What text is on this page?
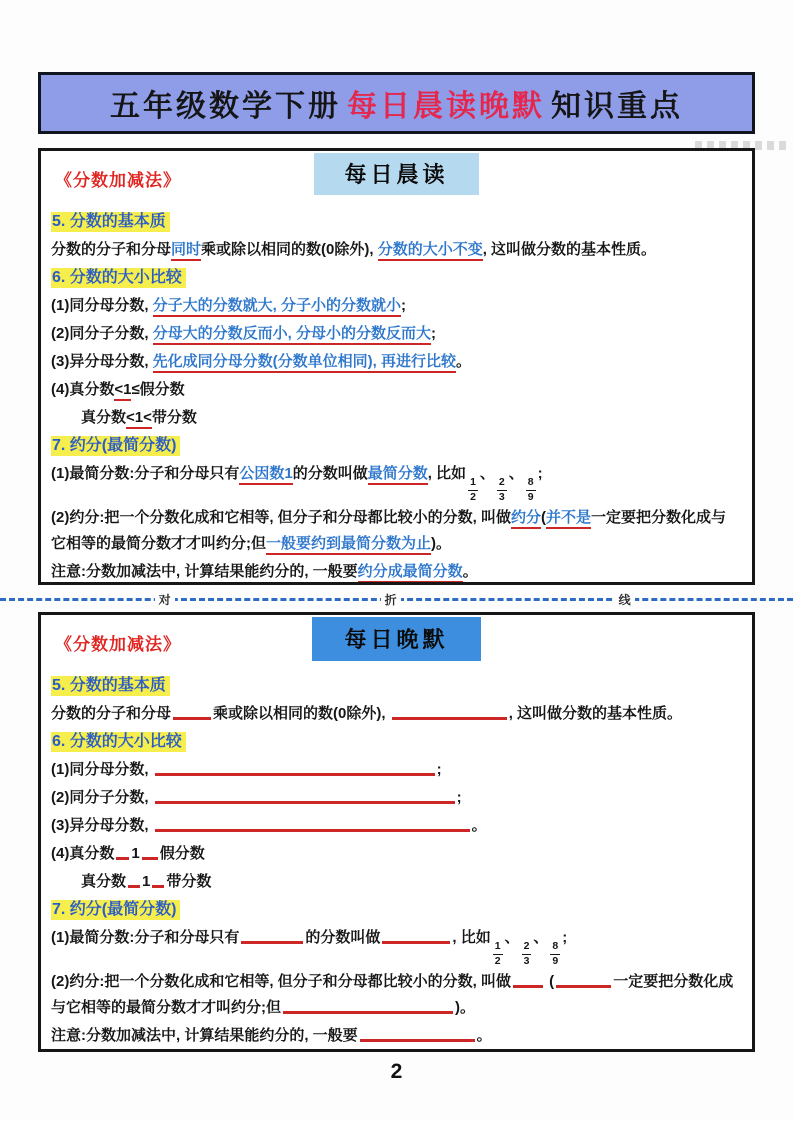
五年级数学下册 每日晨读晚默 知识重点
《分数加减法》	每日晨读
5. 分数的基本质
分数的分子和分母同时乘或除以相同的数(0除外), 分数的大小不变, 这叫做分数的基本性质。
6. 分数的大小比较
(1)同分母分数, 分子大的分数就大, 分子小的分数就小;
(2)同分子分数, 分母大的分数反而小, 分母小的分数反而大;
(3)异分母分数, 先化成同分母分数(分数单位相同), 再进行比较。
(4)真分数<1≤假分数
真分数<1<带分数
7. 约分(最简分数)
(1)最简分数:分子和分母只有公因数1的分数叫做最简分数, 比如
$\frac{1}{2}$
、
$\frac{2}{3}$
、
$\frac{8}{9}$
;
(2)约分:把一个分数化成和它相等, 但分子和分母都比较小的分数, 叫做约分(并不是一定要把分数化成与它相等的最简分数才才叫约分;但一般要约到最简分数为止)。
注意:分数加减法中, 计算结果能约分的, 一般要约分成最简分数。
对	折	线
《分数加减法》	每日晚默
5. 分数的基本质
分数的分子和分母	乘或除以相同的数(0除外),	, 这叫做分数的基本性质。
6. 分数的大小比较
(1)同分母分数,	;
(2)同分子分数,	;
(3)异分母分数,	。
(4)真分数 1 假分数
真分数 1 带分数
7. 约分(最简分数)
(1)最简分数:分子和分母只有	的分数叫做	, 比如
$\frac{1}{2}$
、
$\frac{2}{3}$
、
$\frac{8}{9}$
;
(2)约分:把一个分数化成和它相等, 但分子和分母都比较小的分数, 叫做 (	一定要把分数化成与它相等的最简分数才才叫约分;但	)。
注意:分数加减法中, 计算结果能约分的, 一般要	。
2
